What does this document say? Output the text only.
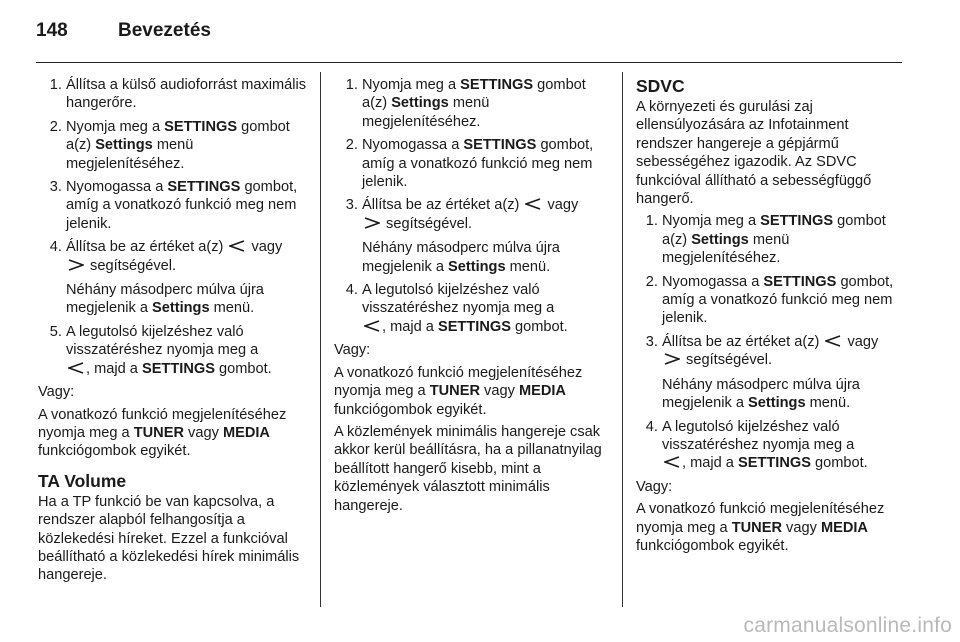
148	Bevezetés
1. Állítsa a külső audioforrást maximális hangerőre.
2. Nyomja meg a SETTINGS gombot a(z) Settings menü megjelenítéséhez.
3. Nyomogassa a SETTINGS gombot, amíg a vonatkozó funkció meg nem jelenik.
4. Állítsa be az értéket a(z)  vagy
segítségével.

Néhány másodperc múlva újra megjelenik a Settings menü.

5. A legutolsó kijelzéshez való visszatéréshez nyomja meg a
, majd a SETTINGS gombot.

Vagy:

A vonatkozó funkció megjelenítéséhez nyomja meg a TUNER vagy MEDIA funkciógombok egyikét.

TA Volume

Ha a TP funkció be van kapcsolva, a rendszer alapból felhangosítja a közlekedési híreket. Ezzel a funkcióval beállítható a közlekedési hírek minimális hangereje.

1. Nyomja meg a SETTINGS gombot a(z) Settings menü megjelenítéséhez.
2. Nyomogassa a SETTINGS gombot, amíg a vonatkozó funkció meg nem jelenik.
3. Állítsa be az értéket a(z)  vagy
segítségével.

Néhány másodperc múlva újra megjelenik a Settings menü.

4. A legutolsó kijelzéshez való visszatéréshez nyomja meg a
, majd a SETTINGS gombot.

Vagy:

A vonatkozó funkció megjelenítéséhez nyomja meg a TUNER vagy MEDIA funkciógombok egyikét.

A közlemények minimális hangereje csak akkor kerül beállításra, ha a pillanatnyilag beállított hangerő kisebb, mint a közlemények választott minimális hangereje.

SDVC

A környezeti és gurulási zaj ellensúlyozására az Infotainment rendszer hangereje a gépjármű sebességéhez igazodik. Az SDVC funkcióval állítható a sebességfüggő hangerő.

1. Nyomja meg a SETTINGS gombot a(z) Settings menü megjelenítéséhez.
2. Nyomogassa a SETTINGS gombot, amíg a vonatkozó funkció meg nem jelenik.
3. Állítsa be az értéket a(z)  vagy
segítségével.

Néhány másodperc múlva újra megjelenik a Settings menü.

4. A legutolsó kijelzéshez való visszatéréshez nyomja meg a
, majd a SETTINGS gombot.

Vagy:

A vonatkozó funkció megjelenítéséhez nyomja meg a TUNER vagy MEDIA funkciógombok egyikét.

carmanualsonline.info
